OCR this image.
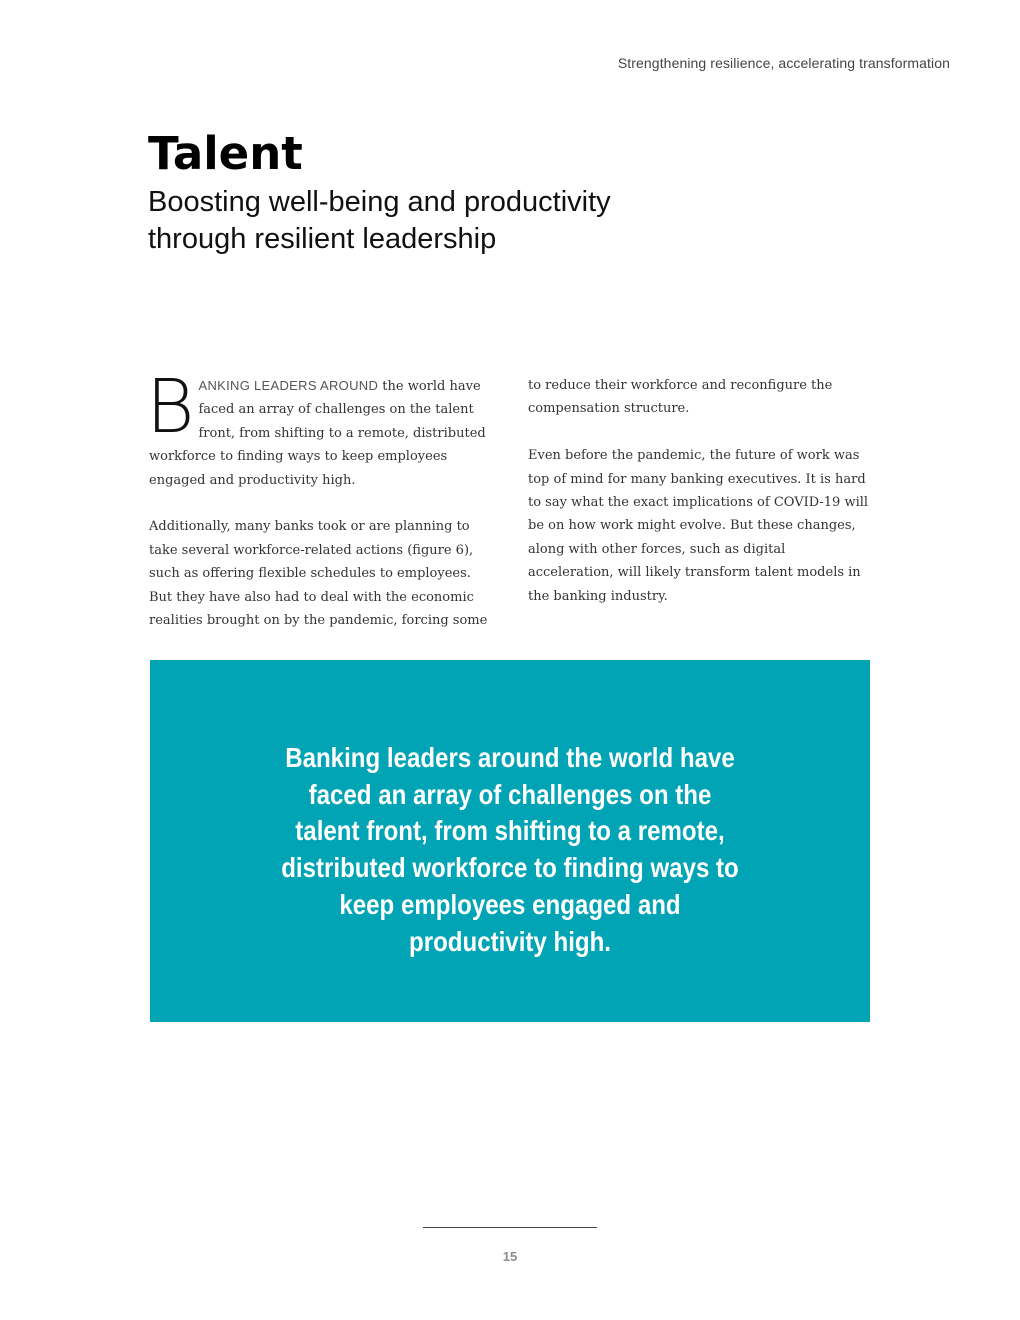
Strengthening resilience, accelerating transformation
Talent
Boosting well-being and productivity through resilient leadership

BANKING LEADERS AROUND the world have faced an array of challenges on the talent front, from shifting to a remote, distributed workforce to finding ways to keep employees engaged and productivity high.

Additionally, many banks took or are planning to take several workforce-related actions (figure 6), such as offering flexible schedules to employees. But they have also had to deal with the economic realities brought on by the pandemic, forcing some

to reduce their workforce and reconfigure the compensation structure.

Even before the pandemic, the future of work was top of mind for many banking executives. It is hard to say what the exact implications of COVID-19 will be on how work might evolve. But these changes, along with other forces, such as digital acceleration, will likely transform talent models in the banking industry.

Banking leaders around the world have faced an array of challenges on the talent front, from shifting to a remote, distributed workforce to finding ways to keep employees engaged and productivity high.

15
